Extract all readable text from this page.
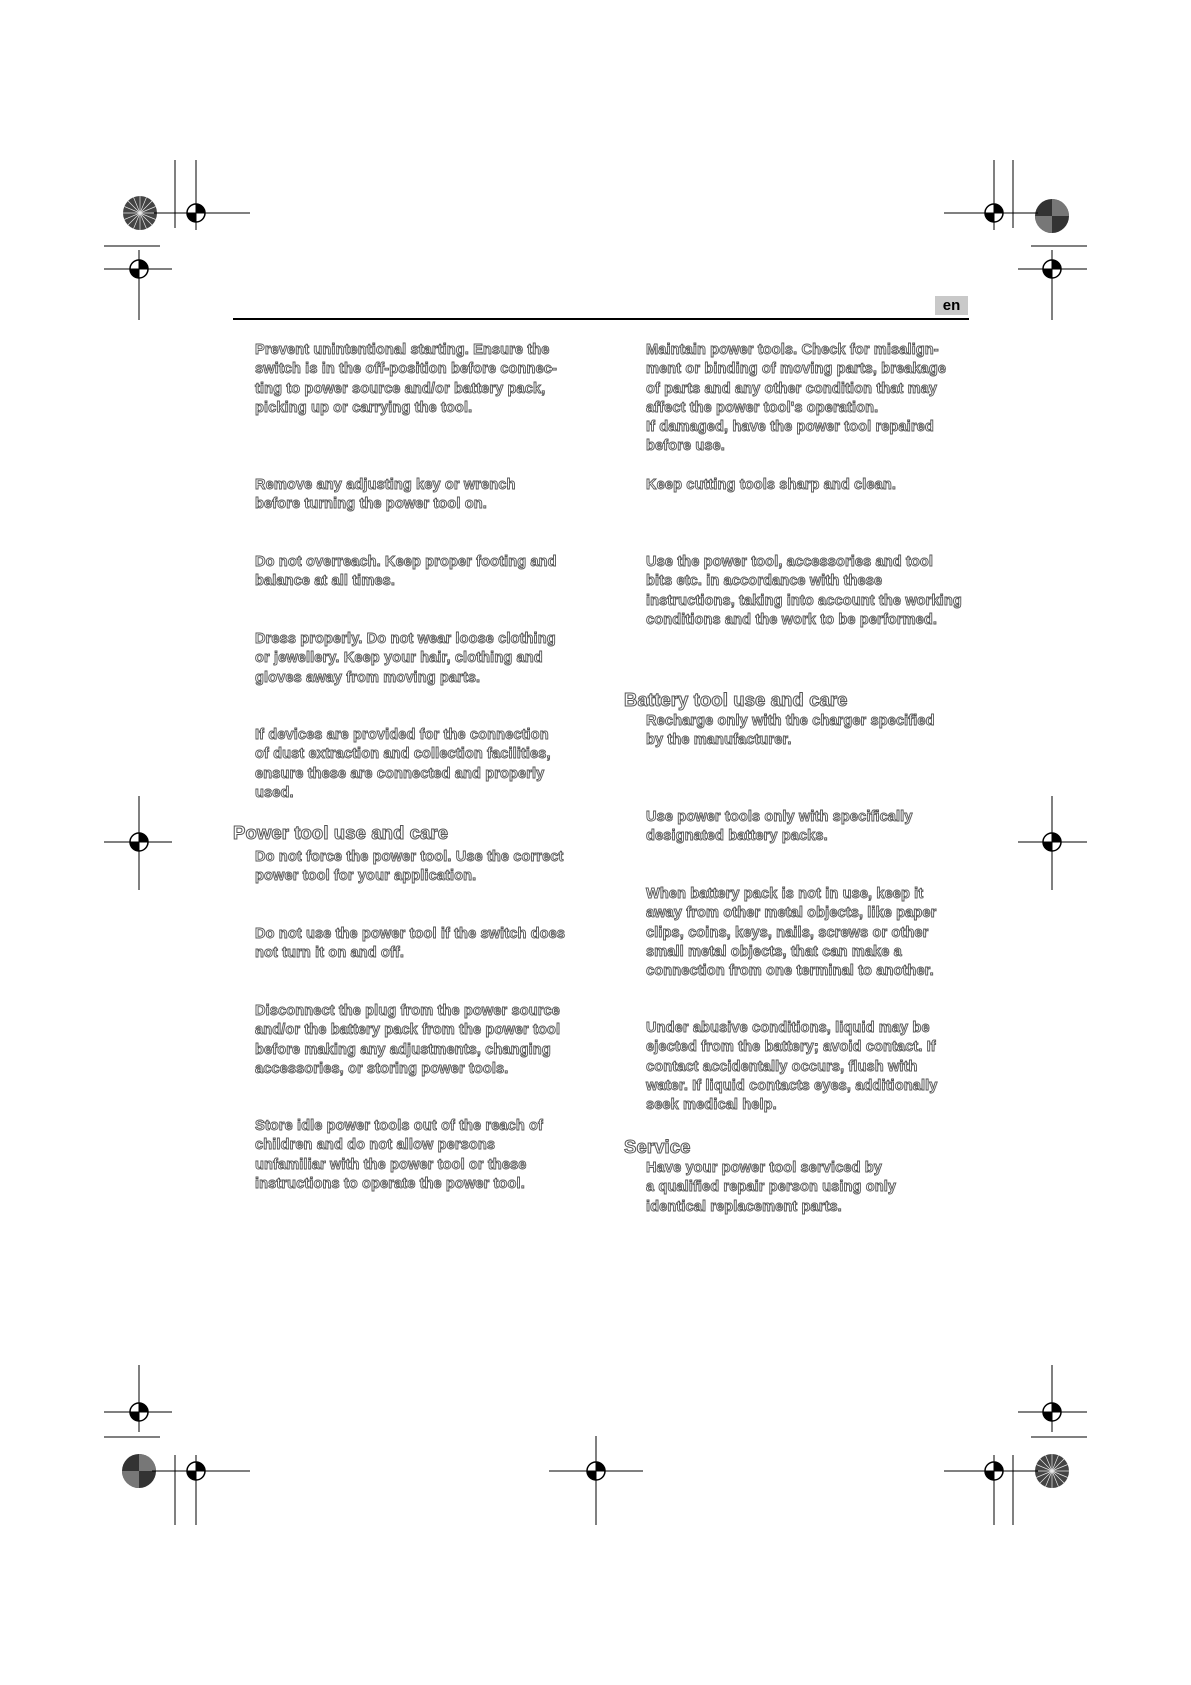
en

Prevent unintentional starting. Ensure the
switch is in the off-position before connec-
ting to power source and/or battery pack,
picking up or carrying the tool.

Remove any adjusting key or wrench
before turning the power tool on.

Do not overreach. Keep proper footing and
balance at all times.

Dress properly. Do not wear loose clothing
or jewellery. Keep your hair, clothing and
gloves away from moving parts.

If devices are provided for the connection
of dust extraction and collection facilities,
ensure these are connected and properly
used.

Power tool use and care

Do not force the power tool. Use the correct
power tool for your application.

Do not use the power tool if the switch does
not turn it on and off.

Disconnect the plug from the power source
and/or the battery pack from the power tool
before making any adjustments, changing
accessories, or storing power tools.

Store idle power tools out of the reach of
children and do not allow persons
unfamiliar with the power tool or these
instructions to operate the power tool.

Maintain power tools. Check for misalign-
ment or binding of moving parts, breakage
of parts and any other condition that may
affect the power tool's operation.
If damaged, have the power tool repaired
before use.

Keep cutting tools sharp and clean.

Use the power tool, accessories and tool
bits etc. in accordance with these
instructions, taking into account the working
conditions and the work to be performed.

Battery tool use and care

Recharge only with the charger specified
by the manufacturer.

Use power tools only with specifically
designated battery packs.

When battery pack is not in use, keep it
away from other metal objects, like paper
clips, coins, keys, nails, screws or other
small metal objects, that can make a
connection from one terminal to another.

Under abusive conditions, liquid may be
ejected from the battery; avoid contact. If
contact accidentally occurs, flush with
water. If liquid contacts eyes, additionally
seek medical help.

Service

Have your power tool serviced by
a qualified repair person using only
identical replacement parts.
